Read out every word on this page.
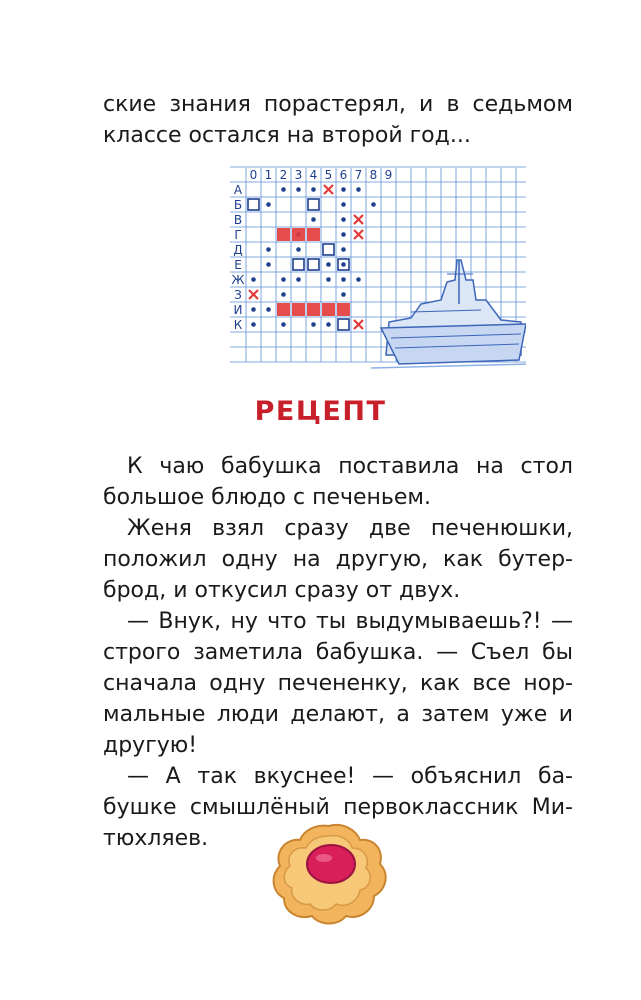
ские знания порастерял, и в седьмом
классе остался на второй год...
0 1 2 3 4 5 6 7 8 9
А
Б
В
Г
Д
Е
Ж
З
И
К
РЕЦЕПТ
К чаю бабушка поставила на стол
большое блюдо с печеньем.
Женя взял сразу две печенюшки,
положил одну на другую, как бутер-
брод, и откусил сразу от двух.
— Внук, ну что ты выдумываешь?! —
строго заметила бабушка. — Съел бы
сначала одну печененку, как все нор-
мальные люди делают, а затем уже и
другую!
— А так вкуснее! — объяснил ба-
бушке смышлёный первоклассник Ми-
тюхляев.
